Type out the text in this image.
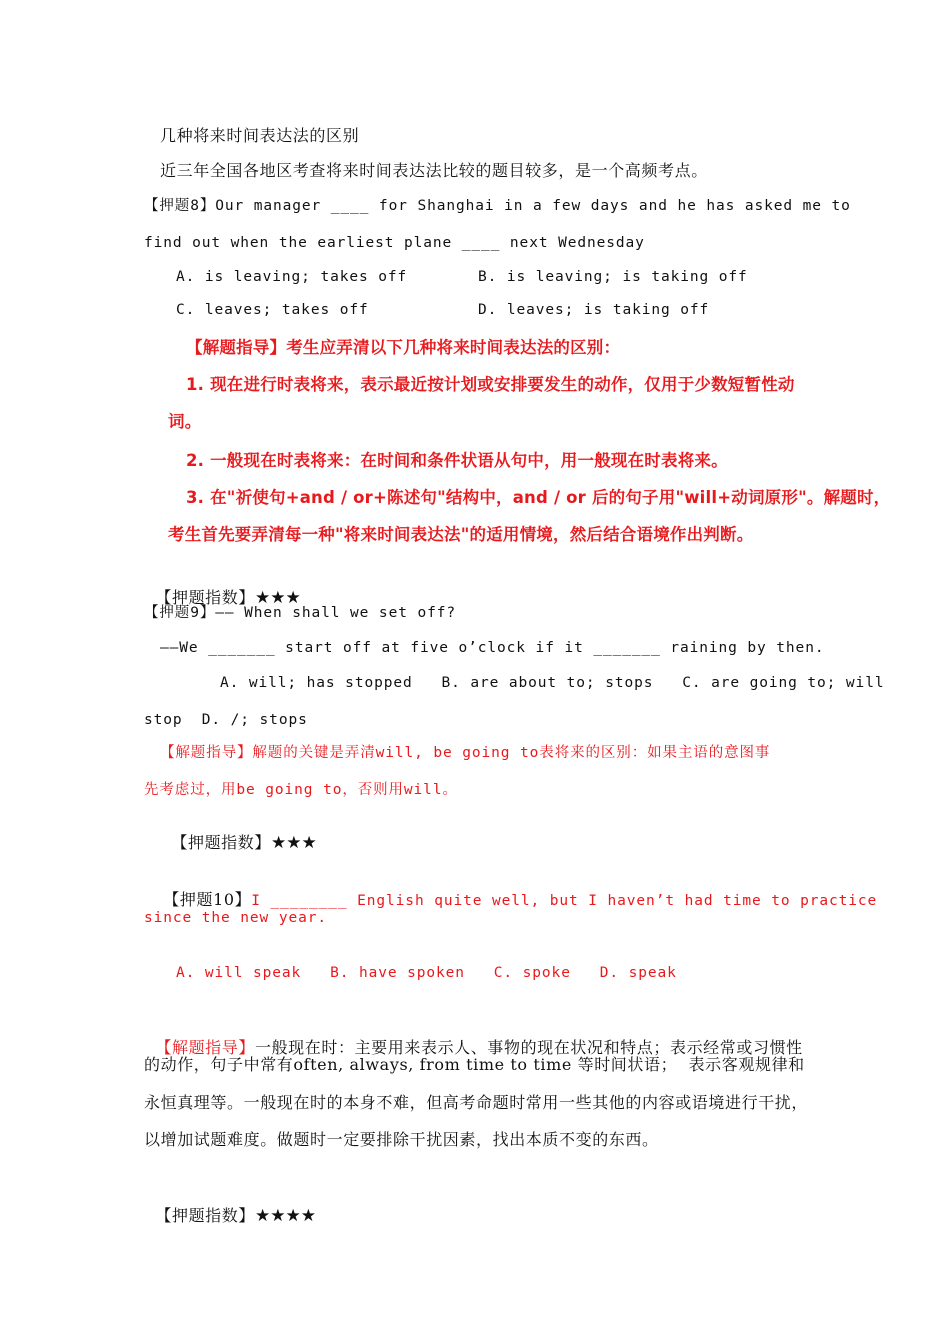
几种将来时间表达法的区别
近三年全国各地区考查将来时间表达法比较的题目较多，是一个高频考点。
【押题8】Our manager ____ for Shanghai in a few days and he has asked me to
find out when the earliest plane ____ next Wednesday
A. is leaving; takes off	B. is leaving; is taking off
C. leaves; takes off	D. leaves; is taking off
【解题指导】考生应弄清以下几种将来时间表达法的区别：
1. 现在进行时表将来，表示最近按计划或安排要发生的动作，仅用于少数短暂性动
词。
2. 一般现在时表将来：在时间和条件状语从句中，用一般现在时表将来。
3. 在"祈使句+and / or+陈述句"结构中，and / or 后的句子用"will+动词原形"。解题时，
考生首先要弄清每一种"将来时间表达法"的适用情境，然后结合语境作出判断。

【押题指数】★★★

【押题9】—— When shall we set off?
——We _______ start off at five o’clock if it _______ raining by then.
A. will; has stopped   B. are about to; stops   C. are going to; will
stop  D. /; stops
【解题指导】解题的关键是弄清will, be going to表将来的区别：如果主语的意图事
先考虑过，用be going to，否则用will。

【押题指数】★★★

【押题10】I ________ English quite well, but I haven’t had time to practice

since the new year.
A. will speak   B. have spoken   C. spoke   D. speak

【解题指导】一般现在时：主要用来表示人、事物的现在状况和特点；表示经常或习惯性

的动作，句子中常有often, always, from time to time 等时间状语；  表示客观规律和
永恒真理等。一般现在时的本身不难，但高考命题时常用一些其他的内容或语境进行干扰，
以增加试题难度。做题时一定要排除干扰因素，找出本质不变的东西。

【押题指数】★★★★
